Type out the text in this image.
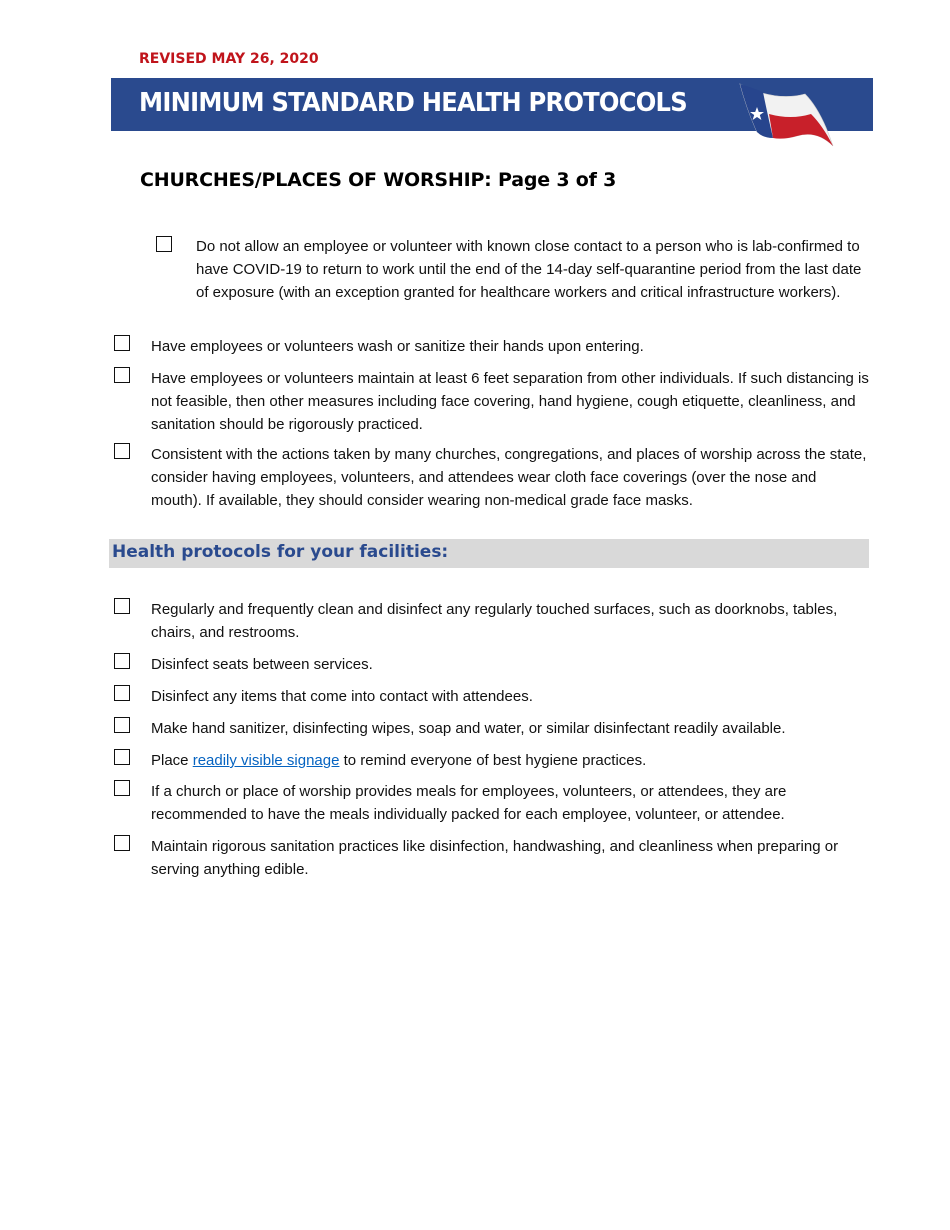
REVISED MAY 26, 2020
MINIMUM STANDARD HEALTH PROTOCOLS
CHURCHES/PLACES OF WORSHIP: Page 3 of 3
Do not allow an employee or volunteer with known close contact to a person who is lab-confirmed to have COVID-19 to return to work until the end of the 14-day self-quarantine period from the last date of exposure (with an exception granted for healthcare workers and critical infrastructure workers).
Have employees or volunteers wash or sanitize their hands upon entering.
Have employees or volunteers maintain at least 6 feet separation from other individuals. If such distancing is not feasible, then other measures including face covering, hand hygiene, cough etiquette, cleanliness, and sanitation should be rigorously practiced.
Consistent with the actions taken by many churches, congregations, and places of worship across the state, consider having employees, volunteers, and attendees wear cloth face coverings (over the nose and mouth). If available, they should consider wearing non-medical grade face masks.
Health protocols for your facilities:
Regularly and frequently clean and disinfect any regularly touched surfaces, such as doorknobs, tables, chairs, and restrooms.
Disinfect seats between services.
Disinfect any items that come into contact with attendees.
Make hand sanitizer, disinfecting wipes, soap and water, or similar disinfectant readily available.
Place readily visible signage to remind everyone of best hygiene practices.
If a church or place of worship provides meals for employees, volunteers, or attendees, they are recommended to have the meals individually packed for each employee, volunteer, or attendee.
Maintain rigorous sanitation practices like disinfection, handwashing, and cleanliness when preparing or serving anything edible.
